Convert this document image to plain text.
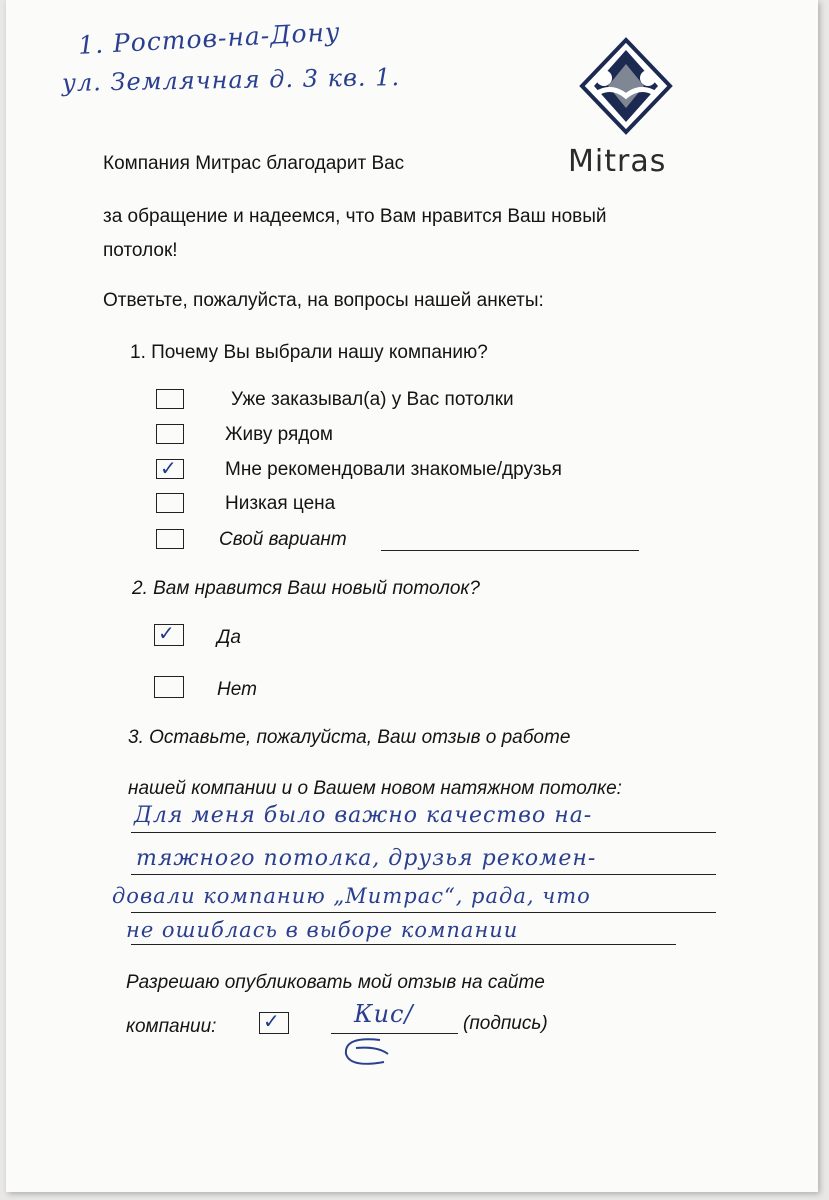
1. Ростов-на-Дону
ул. Землячная д. 3 кв. 1.
Mitras
Компания Митрас благодарит Вас
за обращение и надеемся, что Вам нравится Ваш новый
потолок!
Ответьте, пожалуйста, на вопросы нашей анкеты:
1. Почему Вы выбрали нашу компанию?
Уже заказывал(а) у Вас потолки
Живу рядом
✓	Мне рекомендовали знакомые/друзья
Низкая цена
Свой вариант
2. Вам нравится Ваш новый потолок?
✓ Да
Нет
3. Оставьте, пожалуйста, Ваш отзыв о работе
нашей компании и о Вашем новом натяжном потолке:
Для меня было важно качество на-
тяжного потолка, друзья рекомен-
довали компанию „Митрас“, рада, что
не ошиблась в выборе компании
Разрешаю опубликовать мой отзыв на сайте
компании: ✓	Кис/	(подпись)
